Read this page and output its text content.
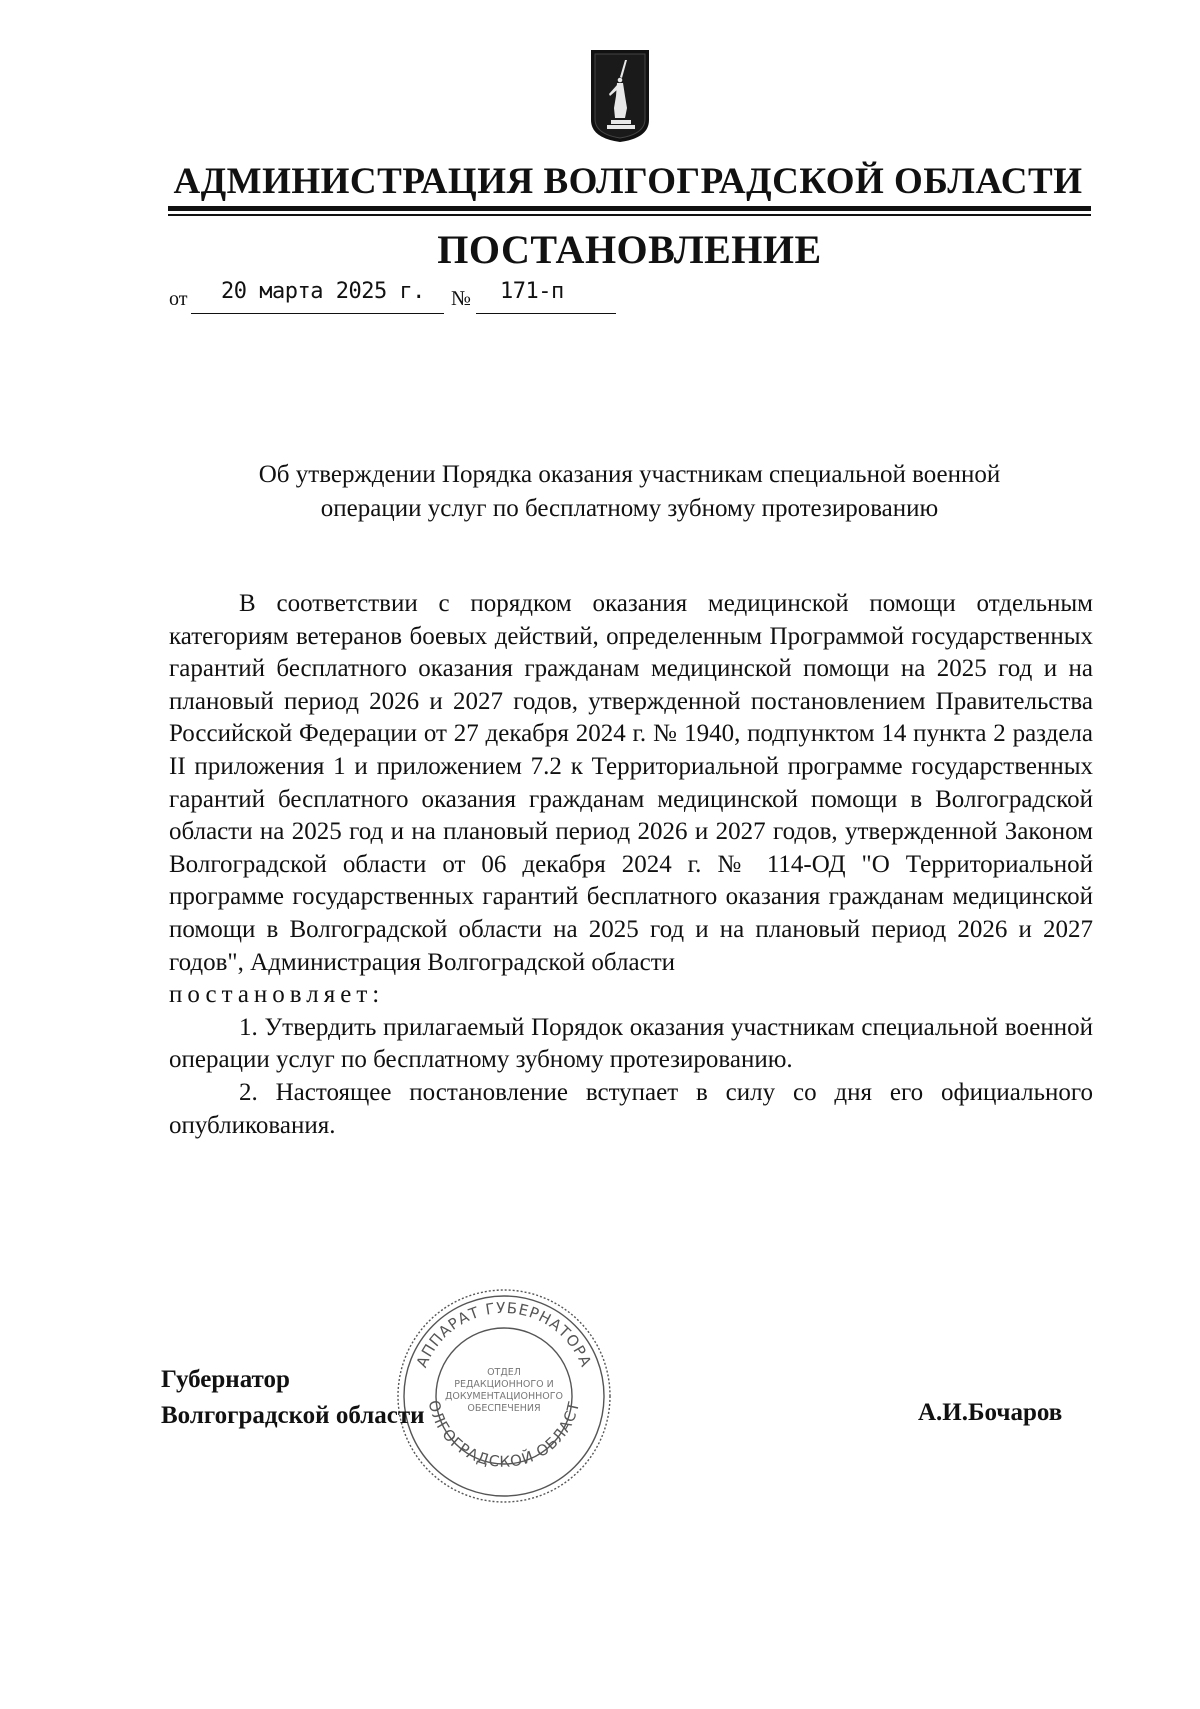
АДМИНИСТРАЦИЯ ВОЛГОГРАДСКОЙ ОБЛАСТИ
ПОСТАНОВЛЕНИЕ
от 20 марта 2025 г. № 171-п
Об утверждении Порядка оказания участникам специальной военной
операции услуг по бесплатному зубному протезированию

В соответствии с порядком оказания медицинской помощи отдельным категориям ветеранов боевых действий, определенным Программой государственных гарантий бесплатного оказания гражданам медицинской помощи на 2025 год и на плановый период 2026 и 2027 годов, утвержденной постановлением Правительства Российской Федерации от 27 декабря 2024 г. № 1940, подпунктом 14 пункта 2 раздела II приложения 1 и приложением 7.2 к Территориальной программе государственных гарантий бесплатного оказания гражданам медицинской помощи в Волгоградской области на 2025 год и на плановый период 2026 и 2027 годов, утвержденной Законом Волгоградской области от 06 декабря 2024 г. № 114-ОД "О Территориальной программе государственных гарантий бесплатного оказания гражданам медицинской помощи в Волгоградской области на 2025 год и на плановый период 2026 и 2027 годов", Администрация Волгоградской области

постановляет:

1. Утвердить прилагаемый Порядок оказания участникам специальной военной операции услуг по бесплатному зубному протезированию.

2. Настоящее постановление вступает в силу со дня его официального опубликования.

АППАРАТ ГУБЕРНАТОРА
ОЛГОГРАДСКОЙ ОБЛАСТ
ОТДЕЛ
РЕДАКЦИОННОГО И
ДОКУМЕНТАЦИОННОГО
ОБЕСПЕЧЕНИЯ
Губернатор
Волгоградской области	А.И.Бочаров
